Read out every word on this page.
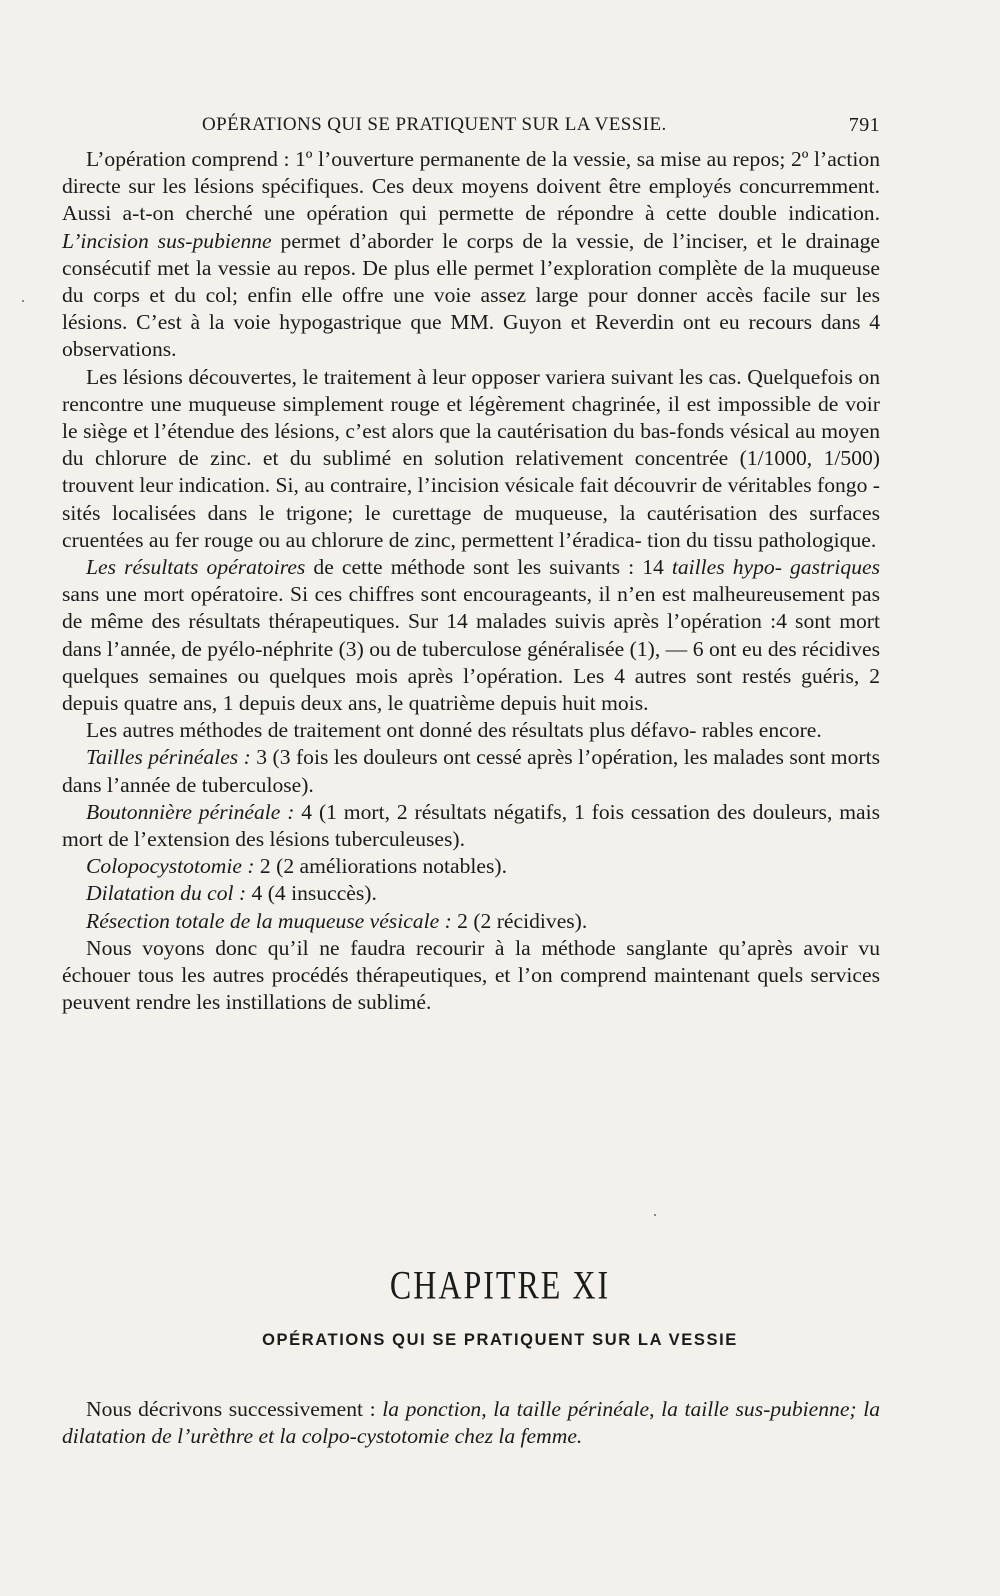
OPÉRATIONS QUI SE PRATIQUENT SUR LA VESSIE.	791

L’opération comprend : 1º l’ouverture permanente de la vessie, sa mise au repos; 2º l’action directe sur les lésions spécifiques. Ces deux moyens doivent être employés concurremment. Aussi a-t-on cherché une opération qui permette de répondre à cette double indication. L’incision sus-pubienne permet d’aborder le corps de la vessie, de l’inciser, et le drainage consécutif met la vessie au repos. De plus elle permet l’exploration complète de la muqueuse du corps et du col; enfin elle offre une voie assez large pour donner accès facile sur les lésions. C’est à la voie hypogastrique que MM. Guyon et Reverdin ont eu recours dans 4 observations.

Les lésions découvertes, le traitement à leur opposer variera suivant les cas. Quelquefois on rencontre une muqueuse simplement rouge et légèrement chagrinée, il est impossible de voir le siège et l’étendue des lésions, c’est alors que la cautérisation du bas-fonds vésical au moyen du chlorure de zinc. et du sublimé en solution relativement concentrée (1/1000, 1/500) trouvent leur indication. Si, au contraire, l’incision vésicale fait découvrir de véritables fongo - sités localisées dans le trigone; le curettage de muqueuse, la cautérisation des surfaces cruentées au fer rouge ou au chlorure de zinc, permettent l’éradica- tion du tissu pathologique.

Les résultats opératoires de cette méthode sont les suivants : 14 tailles hypo- gastriques sans une mort opératoire. Si ces chiffres sont encourageants, il n’en est malheureusement pas de même des résultats thérapeutiques. Sur 14 malades suivis après l’opération :4 sont mort dans l’année, de pyélo-néphrite (3) ou de tuberculose généralisée (1), — 6 ont eu des récidives quelques semaines ou quelques mois après l’opération. Les 4 autres sont restés guéris, 2 depuis quatre ans, 1 depuis deux ans, le quatrième depuis huit mois.

Les autres méthodes de traitement ont donné des résultats plus défavo- rables encore.

Tailles périnéales : 3 (3 fois les douleurs ont cessé après l’opération, les malades sont morts dans l’année de tuberculose).

Boutonnière périnéale : 4 (1 mort, 2 résultats négatifs, 1 fois cessation des douleurs, mais mort de l’extension des lésions tuberculeuses).

Colopocystotomie : 2 (2 améliorations notables).

Dilatation du col : 4 (4 insuccès).

Résection totale de la muqueuse vésicale : 2 (2 récidives).

Nous voyons donc qu’il ne faudra recourir à la méthode sanglante qu’après avoir vu échouer tous les autres procédés thérapeutiques, et l’on comprend maintenant quels services peuvent rendre les instillations de sublimé.

CHAPITRE XI
OPÉRATIONS QUI SE PRATIQUENT SUR LA VESSIE

Nous décrivons successivement : la ponction, la taille périnéale, la taille sus-pubienne; la dilatation de l’urèthre et la colpo-cystotomie chez la femme.
